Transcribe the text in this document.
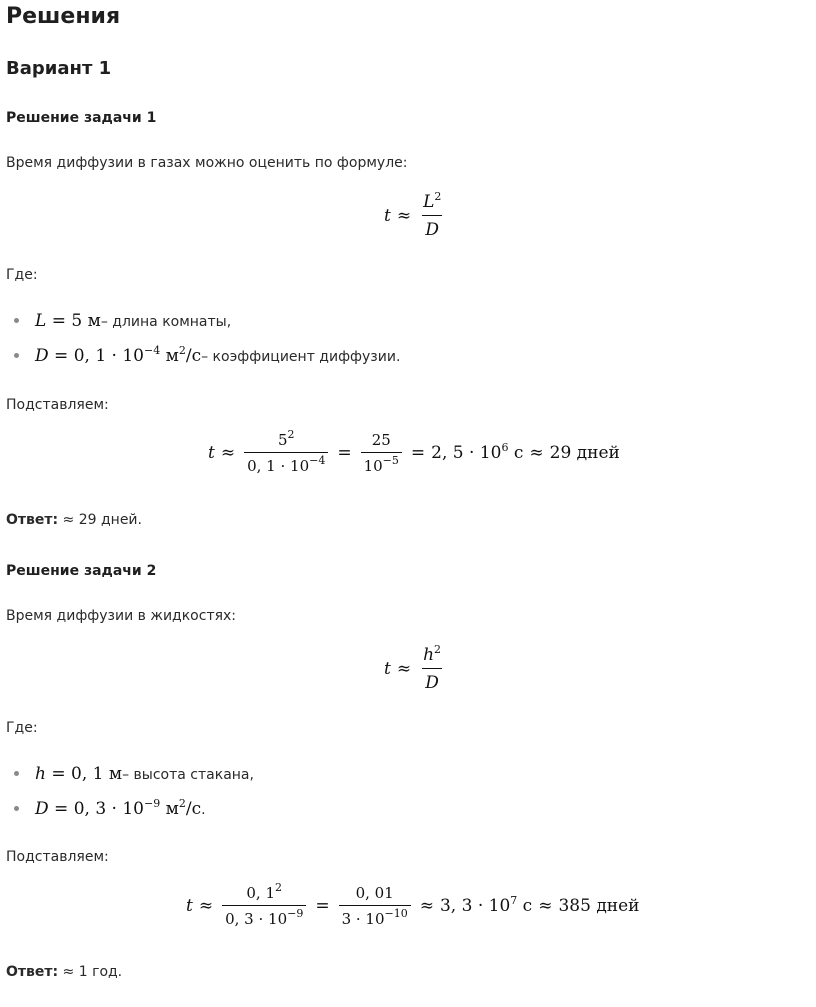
Решения
Вариант 1
Решение задачи 1

Время диффузии в газах можно оценить по формуле:

$t \approx \frac{L^2}{D}$

Где:

L = 5 м – длина комнаты,
D = 0, $1 \cdot 10^{-4}$ $м^2/с$ – коэффициент диффузии.

Подставляем:

$t \approx \frac{5^2}{0, 1 \cdot 10^{-4}} = \frac{25}{10^{-5}} = 2$, $5 \cdot 10^6$ с ≈ 29 дней

Ответ: ≈ 29 дней.

Решение задачи 2

Время диффузии в жидкостях:

$t \approx \frac{h^2}{D}$

Где:

h = 0, 1 м – высота стакана,
D = 0, $3 \cdot 10^{-9}$ $м^2/с$ .

Подставляем:

$t \approx \frac{0, 1^2}{0, 3 \cdot 10^{-9}} = \frac{0, 01}{3 \cdot 10^{-10}} \approx 3$, $3 \cdot 10^7$ с ≈ 385 дней

Ответ: ≈ 1 год.
